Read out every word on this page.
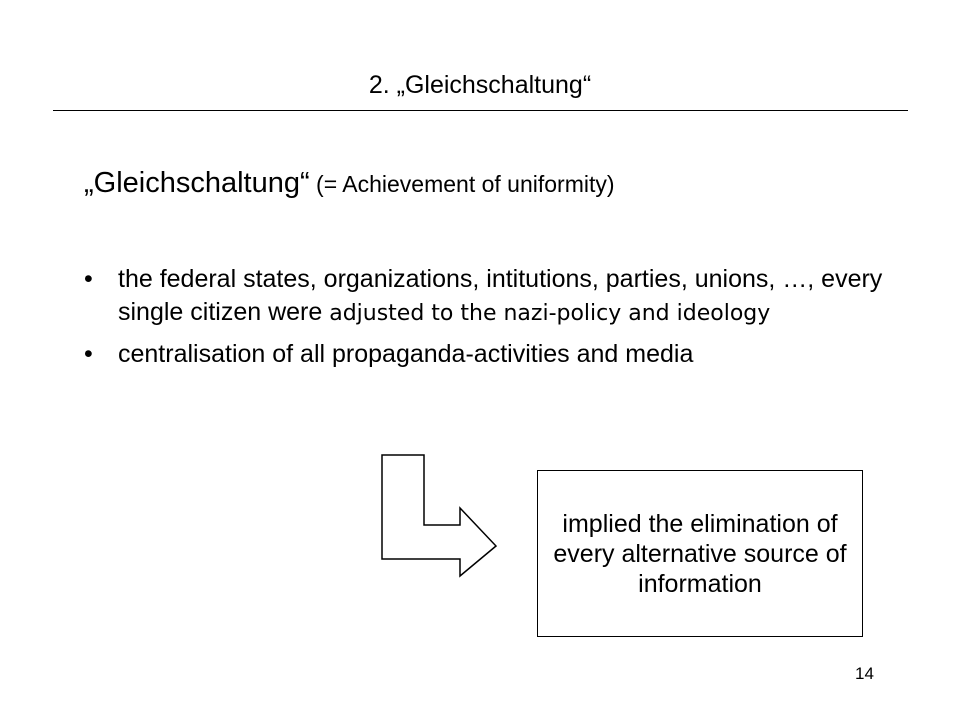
2. „Gleichschaltung“
„Gleichschaltung“ (= Achievement of uniformity)
• the federal states, organizations, intitutions, parties, unions, …, every single citizen were adjusted to the nazi-policy and ideology
• centralisation of all propaganda-activities and media
implied the elimination of every alternative source of information
14
